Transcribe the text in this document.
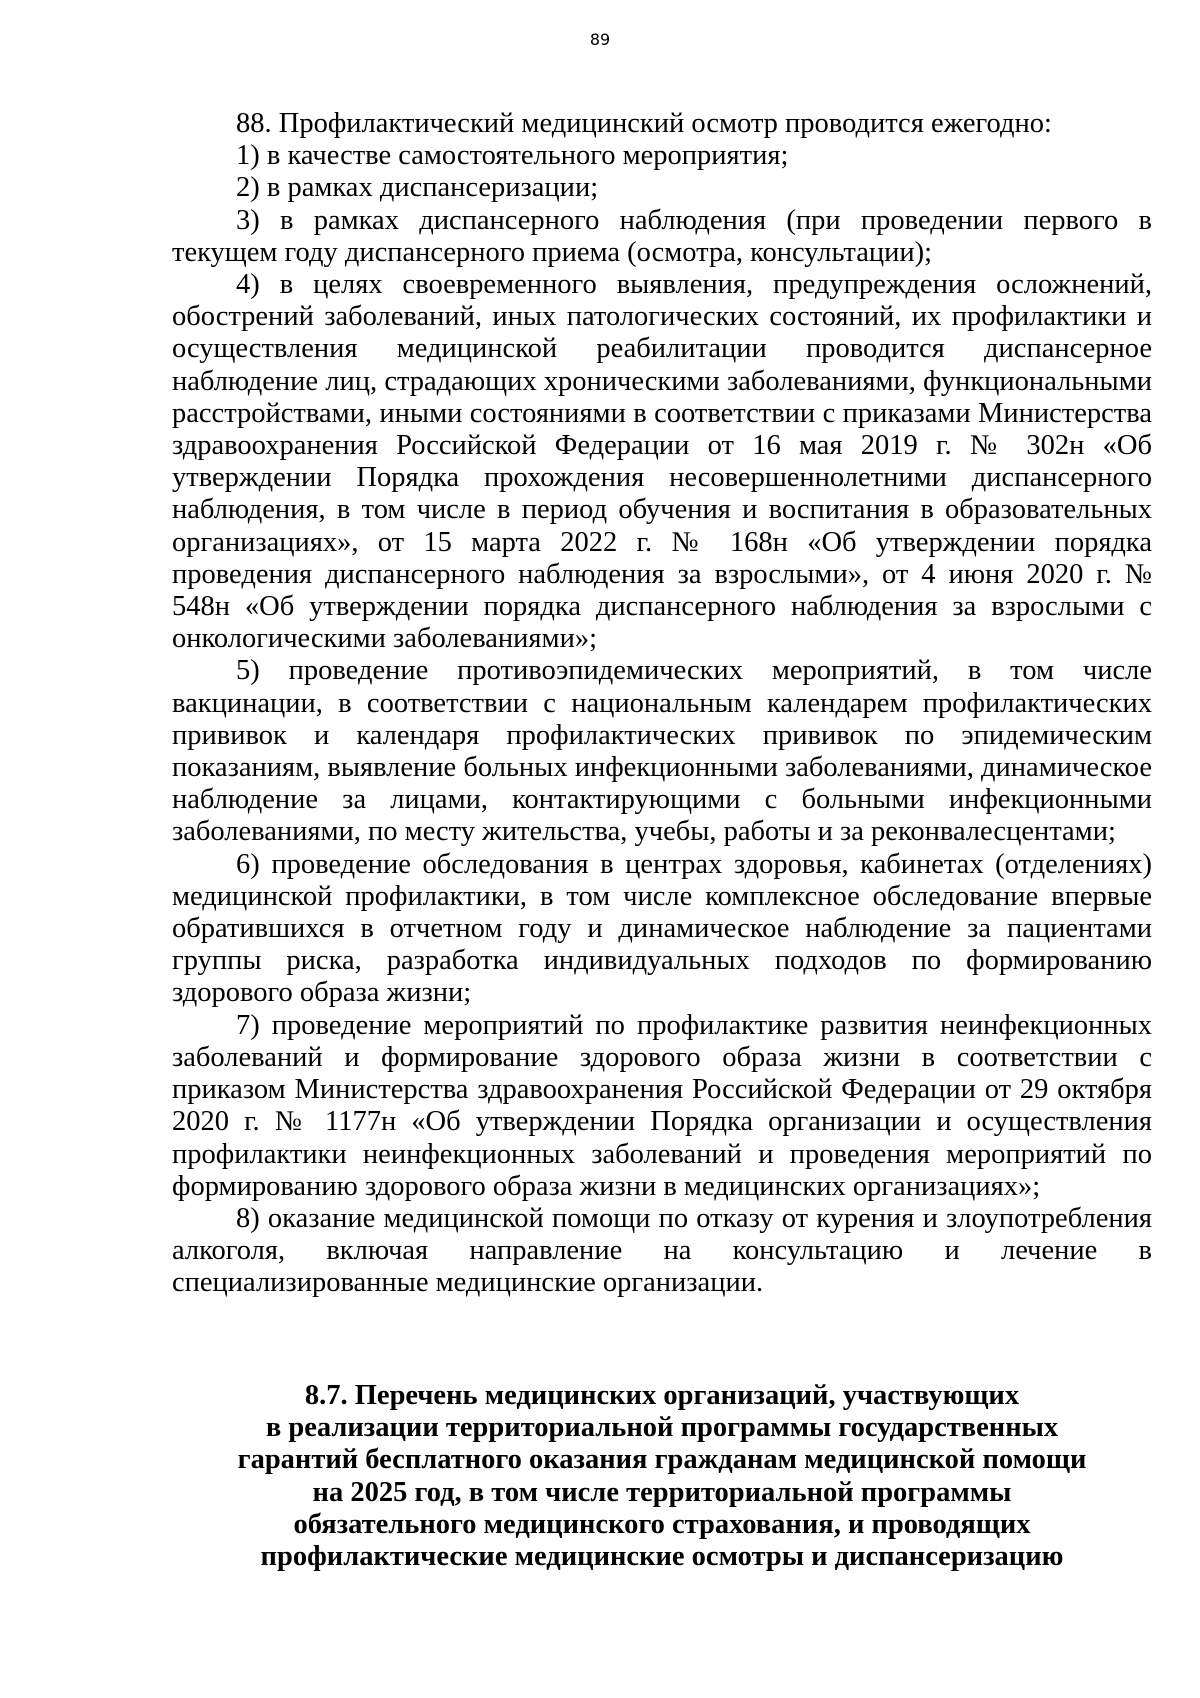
89

88. Профилактический медицинский осмотр проводится ежегодно:

1) в качестве самостоятельного мероприятия;

2) в рамках диспансеризации;

3) в рамках диспансерного наблюдения (при проведении первого в текущем году диспансерного приема (осмотра, консультации);

4) в целях своевременного выявления, предупреждения осложнений, обострений заболеваний, иных патологических состояний, их профилактики и осуществления медицинской реабилитации проводится диспансерное наблюдение лиц, страдающих хроническими заболеваниями, функциональными расстройствами, иными состояниями в соответствии с приказами Министерства здравоохранения Российской Федерации от 16 мая 2019 г. № 302н «Об утверждении Порядка прохождения несовершеннолетними диспансерного наблюдения, в том числе в период обучения и воспитания в образовательных организациях», от 15 марта 2022 г. № 168н «Об утверждении порядка проведения диспансерного наблюдения за взрослыми», от 4 июня 2020 г. № 548н «Об утверждении порядка диспансерного наблюдения за взрослыми с онкологическими заболеваниями»;

5) проведение противоэпидемических мероприятий, в том числе вакцинации, в соответствии с национальным календарем профилактических прививок и календаря профилактических прививок по эпидемическим показаниям, выявление больных инфекционными заболеваниями, динамическое наблюдение за лицами, контактирующими с больными инфекционными заболеваниями, по месту жительства, учебы, работы и за реконвалесцентами;

6) проведение обследования в центрах здоровья, кабинетах (отделениях) медицинской профилактики, в том числе комплексное обследование впервые обратившихся в отчетном году и динамическое наблюдение за пациентами группы риска, разработка индивидуальных подходов по формированию здорового образа жизни;

7) проведение мероприятий по профилактике развития неинфекционных заболеваний и формирование здорового образа жизни в соответствии с приказом Министерства здравоохранения Российской Федерации от 29 октября 2020 г. № 1177н «Об утверждении Порядка организации и осуществления профилактики неинфекционных заболеваний и проведения мероприятий по формированию здорового образа жизни в медицинских организациях»;

8) оказание медицинской помощи по отказу от курения и злоупотребления алкоголя, включая направление на консультацию и лечение в специализированные медицинские организации.

8.7. Перечень медицинских организаций, участвующих
в реализации территориальной программы государственных
гарантий бесплатного оказания гражданам медицинской помощи
на 2025 год, в том числе территориальной программы
обязательного медицинского страхования, и проводящих
профилактические медицинские осмотры и диспансеризацию
